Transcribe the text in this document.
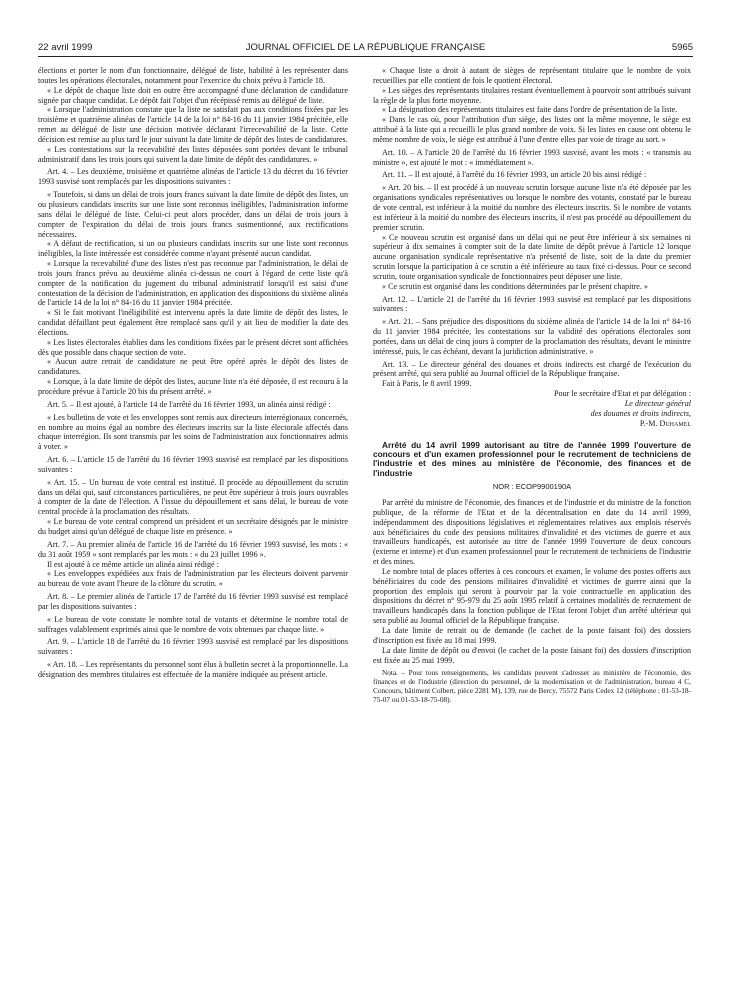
22 avril 1999	JOURNAL OFFICIEL DE LA RÉPUBLIQUE FRANÇAISE	5965

élections et porter le nom d'un fonctionnaire, délégué de liste, habilité à les représenter dans toutes les opérations électorales, notamment pour l'exercice du choix prévu à l'article 18.

« Le dépôt de chaque liste doit en outre être accompagné d'une déclaration de candidature signée par chaque candidat. Le dépôt fait l'objet d'un récépissé remis au délégué de liste.

« Lorsque l'administration constate que la liste ne satisfait pas aux conditions fixées par les troisième et quatrième alinéas de l'article 14 de la loi n° 84-16 du 11 janvier 1984 précitée, elle remet au délégué de liste une décision motivée déclarant l'irrecevabilité de la liste. Cette décision est remise au plus tard le jour suivant la date limite de dépôt des listes de candidatures.

« Les contestations sur la recevabilité des listes déposées sont portées devant le tribunal administratif dans les trois jours qui suivent la date limite de dépôt des candidatures. »

Art. 4. – Les deuxième, troisième et quatrième alinéas de l'article 13 du décret du 16 février 1993 susvisé sont remplacés par les dispositions suivantes :

« Toutefois, si dans un délai de trois jours francs suivant la date limite de dépôt des listes, un ou plusieurs candidats inscrits sur une liste sont reconnus inéligibles, l'administration informe sans délai le délégué de liste. Celui-ci peut alors procéder, dans un délai de trois jours à compter de l'expiration du délai de trois jours francs susmentionné, aux rectifications nécessaires.

« A défaut de rectification, si un ou plusieurs candidats inscrits sur une liste sont reconnus inéligibles, la liste intéressée est considérée comme n'ayant présenté aucun candidat.

« Lorsque la recevabilité d'une des listes n'est pas reconnue par l'administration, le délai de trois jours francs prévu au deuxième alinéa ci-dessus ne court à l'égard de cette liste qu'à compter de la notification du jugement du tribunal administratif lorsqu'il est saisi d'une contestation de la décision de l'administration, en application des dispositions du sixième alinéa de l'article 14 de la loi n° 84-16 du 11 janvier 1984 précitée.

« Si le fait motivant l'inéligibilité est intervenu après la date limite de dépôt des listes, le candidat défaillant peut également être remplacé sans qu'il y ait lieu de modifier la date des élections.

« Les listes électorales établies dans les conditions fixées par le présent décret sont affichées dès que possible dans chaque section de vote.

« Aucun autre retrait de candidature ne peut être opéré après le dépôt des listes de candidatures.

« Lorsque, à la date limite de dépôt des listes, aucune liste n'a été déposée, il est recouru à la procédure prévue à l'article 20 bis du présent arrêté. »

Art. 5. – Il est ajouté, à l'article 14 de l'arrêté du 16 février 1993, un alinéa ainsi rédigé :

« Les bulletins de vote et les enveloppes sont remis aux directeurs interrégionaux concernés, en nombre au moins égal au nombre des électeurs inscrits sur la liste électorale affectés dans chaque interrégion. Ils sont transmis par les soins de l'administration aux fonctionnaires admis à voter. »

Art. 6. – L'article 15 de l'arrêté du 16 février 1993 susvisé est remplacé par les dispositions suivantes :

« Art. 15. – Un bureau de vote central est institué. Il procède au dépouillement du scrutin dans un délai qui, sauf circonstances particulières, ne peut être supérieur à trois jours ouvrables à compter de la date de l'élection. A l'issue du dépouillement et sans délai, le bureau de vote central procède à la proclamation des résultats.

« Le bureau de vote central comprend un président et un secrétaire désignés par le ministre du budget ainsi qu'un délégué de chaque liste en présence. »

Art. 7. – Au premier alinéa de l'article 16 de l'arrêté du 16 février 1993 susvisé, les mots : « du 31 août 1959 » sont remplacés par les mots : « du 23 juillet 1996 ».

Il est ajouté à ce même article un alinéa ainsi rédigé :

« Les enveloppes expédiées aux frais de l'administration par les électeurs doivent parvenir au bureau de vote avant l'heure de la clôture du scrutin. »

Art. 8. – Le premier alinéa de l'article 17 de l'arrêté du 16 février 1993 susvisé est remplacé par les dispositions suivantes :

« Le bureau de vote constate le nombre total de votants et détermine le nombre total de suffrages valablement exprimés ainsi que le nombre de voix obtenues par chaque liste. »

Art. 9. – L'article 18 de l'arrêté du 16 février 1993 susvisé est remplacé par les dispositions suivantes :

« Art. 18. – Les représentants du personnel sont élus à bulletin secret à la proportionnelle. La désignation des membres titulaires est effectuée de la manière indiquée au présent article.

« Chaque liste a droit à autant de sièges de représentant titulaire que le nombre de voix recueillies par elle contient de fois le quotient électoral.

« Les sièges des représentants titulaires restant éventuellement à pourvoir sont attribués suivant la règle de la plus forte moyenne.

« La désignation des représentants titulaires est faite dans l'ordre de présentation de la liste.

« Dans le cas où, pour l'attribution d'un siège, des listes ont la même moyenne, le siège est attribué à la liste qui a recueilli le plus grand nombre de voix. Si les listes en cause ont obtenu le même nombre de voix, le siège est attribué à l'une d'entre elles par voie de tirage au sort. »

Art. 10. – A l'article 20 de l'arrêté du 16 février 1993 susvisé, avant les mots : « transmis au ministre », est ajouté le mot : « immédiatement ».

Art. 11. – Il est ajouté, à l'arrêté du 16 février 1993, un article 20 bis ainsi rédigé :

« Art. 20 bis. – Il est procédé à un nouveau scrutin lorsque aucune liste n'a été déposée par les organisations syndicales représentatives ou lorsque le nombre des votants, constaté par le bureau de vote central, est inférieur à la moitié du nombre des électeurs inscrits. Si le nombre de votants est inférieur à la moitié du nombre des électeurs inscrits, il n'est pas procédé au dépouillement du premier scrutin.

« Ce nouveau scrutin est organisé dans un délai qui ne peut être inférieur à six semaines ni supérieur à dix semaines à compter soit de la date limite de dépôt prévue à l'article 12 lorsque aucune organisation syndicale représentative n'a présenté de liste, soit de la date du premier scrutin lorsque la participation à ce scrutin a été inférieure au taux fixé ci-dessus. Pour ce second scrutin, toute organisation syndicale de fonctionnaires peut déposer une liste.

« Ce scrutin est organisé dans les conditions déterminées par le présent chapitre. »

Art. 12. – L'article 21 de l'arrêté du 16 février 1993 susvisé est remplacé par les dispositions suivantes :

« Art. 21. – Sans préjudice des dispositions du sixième alinéa de l'article 14 de la loi n° 84-16 du 11 janvier 1984 précitée, les contestations sur la validité des opérations électorales sont portées, dans un délai de cinq jours à compter de la proclamation des résultats, devant le ministre intéressé, puis, le cas échéant, devant la juridiction administrative. »

Art. 13. – Le directeur général des douanes et droits indirects est chargé de l'exécution du présent arrêté, qui sera publié au Journal officiel de la République française.

Fait à Paris, le 8 avril 1999.

Pour le secrétaire d'Etat et par délégation :

Le directeur général

des douanes et droits indirects,

P.-M. Duhamel

Arrêté du 14 avril 1999 autorisant au titre de l'année 1999 l'ouverture de concours et d'un examen professionnel pour le recrutement de techniciens de l'industrie et des mines au ministère de l'économie, des finances et de l'industrie

NOR : ECOP9900190A

Par arrêté du ministre de l'économie, des finances et de l'industrie et du ministre de la fonction publique, de la réforme de l'Etat et de la décentralisation en date du 14 avril 1999, indépendamment des dispositions législatives et réglementaires relatives aux emplois réservés aux bénéficiaires du code des pensions militaires d'invalidité et des victimes de guerre et aux travailleurs handicapés, est autorisée au titre de l'année 1999 l'ouverture de deux concours (externe et interne) et d'un examen professionnel pour le recrutement de techniciens de l'industrie et des mines.

Le nombre total de places offertes à ces concours et examen, le volume des postes offerts aux bénéficiaires du code des pensions militaires d'invalidité et victimes de guerre ainsi que la proportion des emplois qui seront à pourvoir par la voie contractuelle en application des dispositions du décret n° 95-979 du 25 août 1995 relatif à certaines modalités de recrutement de travailleurs handicapés dans la fonction publique de l'Etat feront l'objet d'un arrêté ultérieur qui sera publié au Journal officiel de la République française.

La date limite de retrait ou de demande (le cachet de la poste faisant foi) des dossiers d'inscription est fixée au 18 mai 1999.

La date limite de dépôt ou d'envoi (le cachet de la poste faisant foi) des dossiers d'inscription est fixée au 25 mai 1999.

Nota. – Pour tous renseignements, les candidats peuvent s'adresser au ministère de l'économie, des finances et de l'industrie (direction du personnel, de la modernisation et de l'administration, bureau 4 C, Concours, bâtiment Colbert, pièce 2281 M), 139, rue de Bercy, 75572 Paris Cedex 12 (téléphone : 01-53-18-75-07 ou 01-53-18-75-08).
